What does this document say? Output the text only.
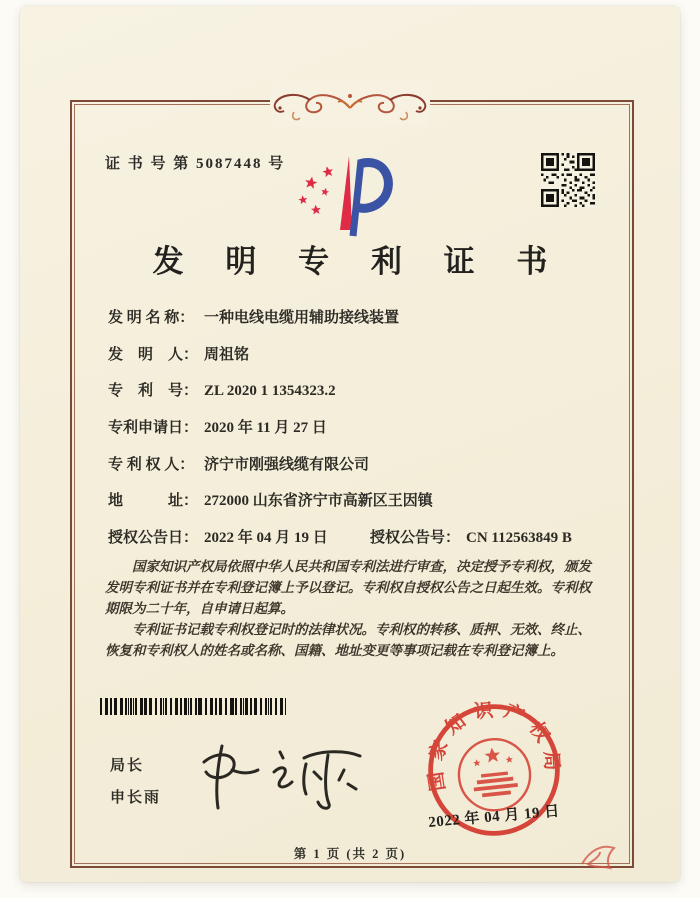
证 书 号 第 5087448 号
发 明 专 利 证 书
发 明 名 称： 一种电线电缆用辅助接线装置
发　明　人： 周祖铭
专　利　号： ZL 2020 1 1354323.2
专利申请日： 2020 年 11 月 27 日
专 利 权 人： 济宁市刚强线缆有限公司
地　　　址： 272000 山东省济宁市高新区王因镇
授权公告日： 2022 年 04 月 19 日	授权公告号： CN 112563849 B

国家知识产权局依照中华人民共和国专利法进行审查，决定授予专利权，颁发发明专利证书并在专利登记簿上予以登记。专利权自授权公告之日起生效。专利权期限为二十年，自申请日起算。

专利证书记载专利权登记时的法律状况。专利权的转移、质押、无效、终止、恢复和专利权人的姓名或名称、国籍、地址变更等事项记载在专利登记簿上。

局长
申长雨
国家知识产权局
2022 年 04 月 19 日
第 1 页 (共 2 页)
